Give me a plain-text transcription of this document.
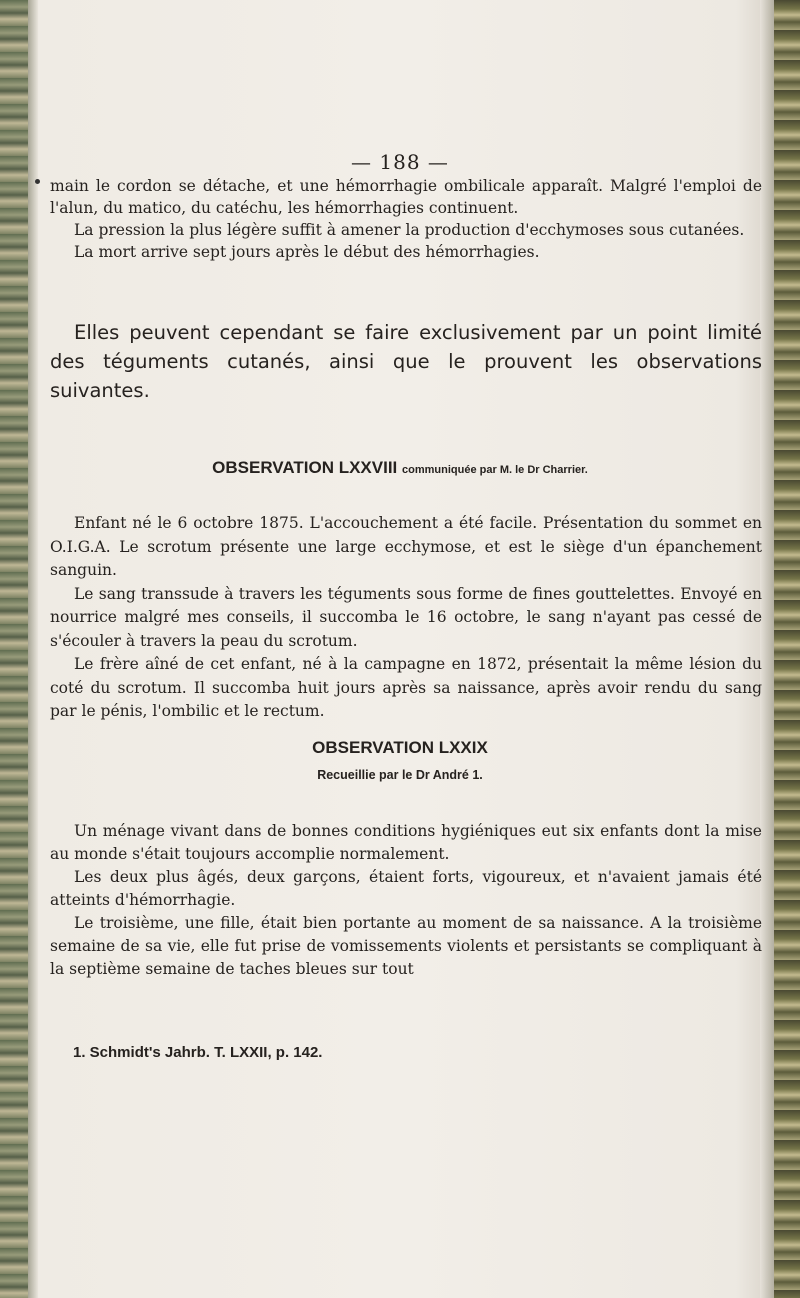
— 188 —

main le cordon se détache, et une hémorrhagie ombilicale apparaît. Malgré l'emploi de l'alun, du matico, du catéchu, les hémorrhagies continuent.

La pression la plus légère suffit à amener la production d'ecchymoses sous cutanées.

La mort arrive sept jours après le début des hémorrhagies.

Elles peuvent cependant se faire exclusivement par un point limité des téguments cutanés, ainsi que le prouvent les observations suivantes.

OBSERVATION LXXVIII communiquée par M. le Dr Charrier.

Enfant né le 6 octobre 1875. L'accouchement a été facile. Présentation du sommet en O.I.G.A. Le scrotum présente une large ecchymose, et est le siège d'un épanchement sanguin.

Le sang transsude à travers les téguments sous forme de fines gouttelettes. Envoyé en nourrice malgré mes conseils, il succomba le 16 octobre, le sang n'ayant pas cessé de s'écouler à travers la peau du scrotum.

Le frère aîné de cet enfant, né à la campagne en 1872, présentait la même lésion du coté du scrotum. Il succomba huit jours après sa naissance, après avoir rendu du sang par le pénis, l'ombilic et le rectum.

OBSERVATION LXXIX
Recueillie par le Dr André 1.

Un ménage vivant dans de bonnes conditions hygiéniques eut six enfants dont la mise au monde s'était toujours accomplie normalement.

Les deux plus âgés, deux garçons, étaient forts, vigoureux, et n'avaient jamais été atteints d'hémorrhagie.

Le troisième, une fille, était bien portante au moment de sa naissance. A la troisième semaine de sa vie, elle fut prise de vomissements violents et persistants se compliquant à la septième semaine de taches bleues sur tout

1. Schmidt's Jahrb. T. LXXII, p. 142.
